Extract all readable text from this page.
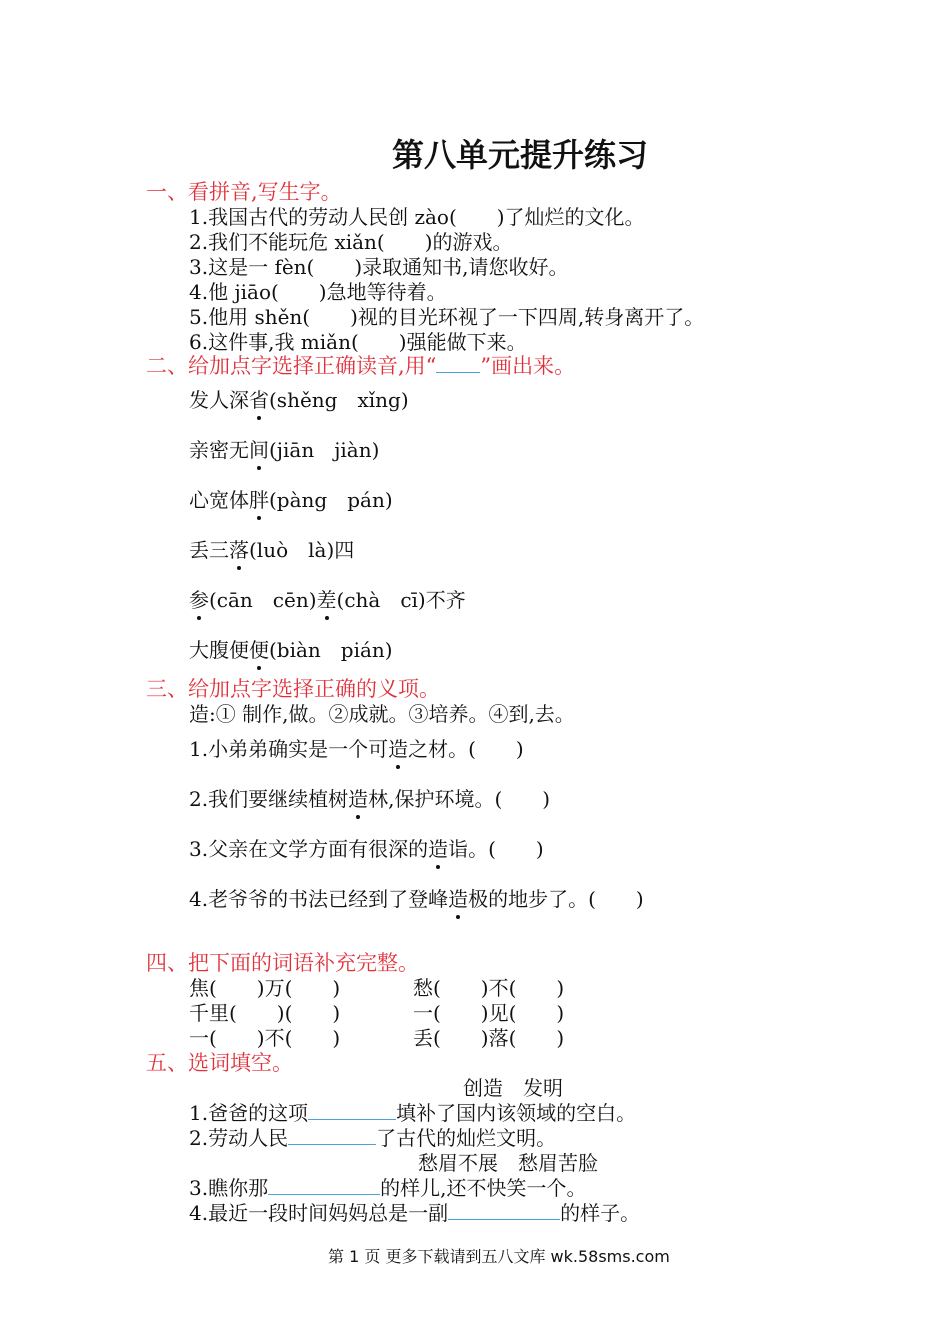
第八单元提升练习
一、看拼音,写生字。
1.我国古代的劳动人民创 zào(　　)了灿烂的文化。
2.我们不能玩危 xiǎn(　　)的游戏。
3.这是一 fèn(　　)录取通知书,请您收好。
4.他 jiāo(　　)急地等待着。
5.他用 shěn(　　)视的目光环视了一下四周,转身离开了。
6.这件事,我 miǎn(　　)强能做下来。
二、给加点字选择正确读音,用“ ”画出来。
发人深省(shěng　xǐng)
亲密无间(jiān　jiàn)
心宽体胖(pàng　pán)
丢三落(luò　là)四
参(cān　cēn)差(chà　cī)不齐
大腹便便(biàn　pián)
三、给加点字选择正确的义项。
造:① 制作,做。②成就。③培养。④到,去。
1.小弟弟确实是一个可造之材。(　　)
2.我们要继续植树造林,保护环境。(　　)
3.父亲在文学方面有很深的造诣。(　　)
4.老爷爷的书法已经到了登峰造极的地步了。(　　)
四、把下面的词语补充完整。
焦(　　)万(　　)	愁(　　)不(　　)
千里(　　)(　　)	一(　　)见(　　)
一(　　)不(　　)	丢(　　)落(　　)
五、选词填空。
创造　发明
1.爸爸的这项	填补了国内该领域的空白。
2.劳动人民	了古代的灿烂文明。
愁眉不展　愁眉苦脸
3.瞧你那	的样儿,还不快笑一个。
4.最近一段时间妈妈总是一副	的样子。
第 1 页 更多下载请到五八文库 wk.58sms.com
